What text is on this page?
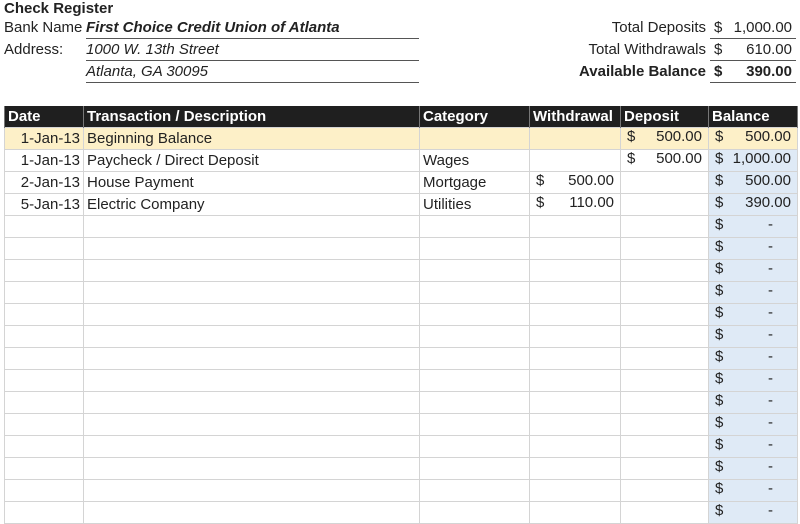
Check Register
Bank Name First Choice Credit Union of Atlanta
Address: 1000 W. 13th Street
Atlanta, GA 30095
Total Deposits $ 1,000.00
Total Withdrawals $ 610.00
Available Balance $ 390.00
Date	Transaction / Description	Category	Withdrawal	Deposit	Balance
1-Jan-13	Beginning Balance			$ 500.00	$ 500.00

1-Jan-13	Paycheck / Direct Deposit	Wages		$ 500.00	$ 1,000.00

2-Jan-13	House Payment	Mortgage	$ 500.00		$ 500.00

5-Jan-13	Electric Company	Utilities	$ 110.00		$ 390.00

					$ -

					$ -

					$ -

					$ -

					$ -

					$ -

					$ -

					$ -

					$ -

					$ -

					$ -

					$ -

					$ -

					$ -
